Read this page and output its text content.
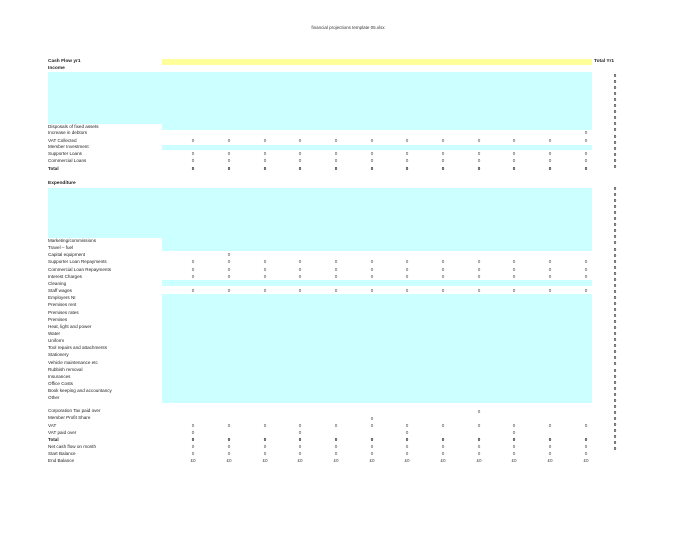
financial projections template 05.xlsx
Cash Flow yr1	Total Yr1
Income
Expenditure
Disposals of fixed assets
Increase in debtors
VAT Collected
Member Investment
Supporter Loans
Commercial Loans
Total
Marketing/commissions
Travel – fuel
Capital equipment
Supporter Loan Repayments
Commercial Loan Repayments
Interest Charges
Cleaning
Staff wages
Employers NI
Premises rent
Premises rates
Premises
Heat, light and power
Water
Uniform
Tool repairs and attachments
Stationery
Vehicle maintenance etc
Rubbish removal
Insurances
Office Costs
Book keeping and accountancy
Other
Corporation Tax paid over
Member Profit Share
VAT
VAT paid over
Total
Net cash flow on month
Start Balance
End Balance
0
0
0
0
0
0
0
0
0
0
0
0
0
0
0
0
0
0
0
0
0
0
0
0
0
0
0
0
0
0
0
0
0
0
0
0
0
0
0
0
0
0
0
0
0
0
0
0
0
0
0
0
0
0
0
0
0
0
0
0
0
0
0
0
0
0
0
0
0
0
0
0
0
0
0
0
0
0
0
0
0
0
0
0
0
0
0
0
0
0
0
0
0
0
0
0
0
0
0
0
0
0
0
0
0
£0
0
0
0
0
£0
0
0
0
0
£0
0
0
0
0
0
£0
0
0
0
0
£0
0
0
0
0
£0
0
0
0
0
0
£0
0
0
0
0
£0
0
0
0
0
£0
0
0
0
0
0
£0
0
0
0
0
£0
0
0
0
0
£0
0
0
0
0
0
0
0
0
0
0
0
0
0
0
0
0
0
0
0
0
0
0
0
0
0
0
0
0
0
0
0
0
0
0
0
0
0
0
0
0
0
0
0
0
0
0
0
0
0
0
0
0
0
0
0
0
0
0
0
0
